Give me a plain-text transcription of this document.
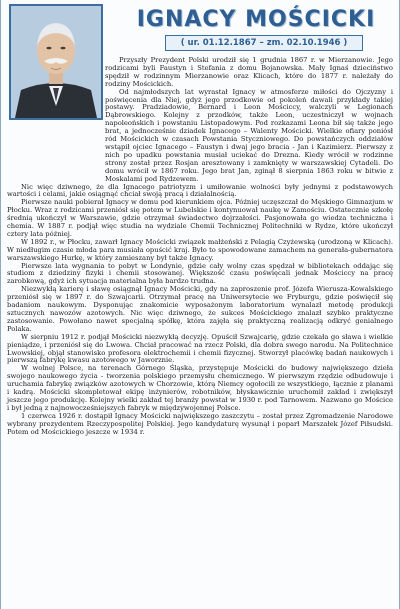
IGNACY MOŚCICKI
( ur. 01.12.1867 – zm. 02.10.1946 )

Przyszły Prezydent Polski urodził się 1 grudnia 1867 r. w Mierzanowie. Jego rodzicami byli Faustyn i Stefania z domu Bojanowska. Mały Ignaś dzieciństwo spędził w rodzinnym Mierzanowie oraz Klicach, które do 1877 r. należały do rodziny Mościckich.

Od najmłodszych lat wyrastał Ignacy w atmosferze miłości do Ojczyzny i poświęcenia dla Niej, gdyż jego przodkowie od pokoleń dawali przykłady takiej postawy. Pradziadowie, Bernard i Leon Mościccy, walczyli w Legionach Dąbrowskiego. Kolejny z przodków, także Leon, uczestniczył w wojnach napoleońskich i powstaniu Listopadowym. Pod rozkazami Leona bił się także jego brat, a jednocześnie dziadek Ignacego – Walenty Mościcki. Wielkie ofiary poniósł ród Mościckich w czasach Powstania Styczniowego. Do powstańczych oddziałów wstąpił ojciec Ignacego – Faustyn i dwaj jego bracia - Jan i Kazimierz. Pierwszy z nich po upadku powstania musiał uciekać do Drezna. Kiedy wrócił w rodzinne strony został przez Rosjan aresztowany i zamknięty w warszawskiej Cytadeli. Do domu wrócił w 1867 roku. Jego brat Jan, zginął 8 sierpnia 1863 roku w bitwie z Moskalami pod Rydzewem.

Nic więc dziwnego, że dla Ignacego patriotyzm i umiłowanie wolności były jednymi z podstawowych wartości i celami, jakie osiągnąć chciał swoją pracą i działalnością.

Pierwsze nauki pobierał Ignacy w domu pod kierunkiem ojca. Później uczęszczał do Męskiego Gimnazjum w Płocku. Wraz z rodzicami przeniósł się potem w Lubelskie i kontynuował naukę w Zamościu. Ostatecznie szkołę średnią ukończył w Warszawie, gdzie otrzymał świadectwo dojrzałości. Pasjonowała go wiedza techniczna i chemia. W 1887 r. podjął więc studia na wydziale Chemii Technicznej Politechniki w Rydze, które ukończył cztery lata później.

W 1892 r., w Płocku, zawarł Ignacy Mościcki związek małżeński z Pelagią Czyżewską (urodzoną w Klicach). W niedługim czasie młoda para musiała opuścić kraj. Było to spowodowane zamachem na generała-gubernatora warszawskiego Hurkę, w który zamieszany był także Ignacy.

Pierwsze lata wygnania to pobyt w Londynie, gdzie cały wolny czas spędzał w bibliotekach oddając się studiom z dziedziny fizyki i chemii stosowanej. Większość czasu poświęcali jednak Mościccy na pracę zarobkową, gdyż ich sytuacja materialna była bardzo trudna.

Niezwykłą karierę i sławę osiągnął Ignacy Mościcki, gdy na zaproszenie prof. Józefa Wierusza-Kowalskiego przeniósł się w 1897 r. do Szwajcarii. Otrzymał pracę na Uniwersytecie we Fryburgu, gdzie poświęcił się badaniom naukowym. Dysponując znakomicie wyposażonym laboratorium wynalazł metodę produkcji sztucznych nawozów azotowych. Nic więc dziwnego, że sukces Mościckiego znalazł szybko praktyczne zastosowanie. Powołano nawet specjalną spółkę, która zajęła się praktyczną realizacją odkryć genialnego Polaka.

W sierpniu 1912 r. podjął Mościcki niezwykłą decyzję. Opuścił Szwajcarię, gdzie czekała go sława i wielkie pieniądze, i przeniósł się do Lwowa. Chciał pracować na rzecz Polski, dla dobra swego narodu. Na Politechnice Lwowskiej, objął stanowisko profesora elektrochemii i chemii fizycznej. Stworzył placówkę badań naukowych i pierwszą fabrykę kwasu azotowego w Jaworznie.

W wolnej Polsce, na terenach Górnego Śląska, przystępuje Mościcki do budowy największego dzieła swojego naukowego życia - tworzenia polskiego przemysłu chemicznego. W pierwszym rzędzie odbudowuje i uruchamia fabrykę związków azotowych w Chorzowie, którą Niemcy ogołocili ze wszystkiego, łącznie z planami i kadrą. Mościcki skompletował ekipę inżynierów, robotników, błyskawicznie uruchomił zakład i zwiększył jeszcze jego produkcję. Kolejny wielki zakład tej branży powstał w 1930 r. pod Tarnowem. Nazwano go Mościce i był jedną z najnowocześniejszych fabryk w międzywojennej Polsce.

1 czerwca 1926 r. dostąpił Ignacy Mościcki największego zaszczytu – został przez Zgromadzenie Narodowe wybrany prezydentem Rzeczypospolitej Polskiej. Jego kandydaturę wysunął i poparł Marszałek Józef Piłsudski. Potem od Mościckiego jeszcze w 1934 r.
